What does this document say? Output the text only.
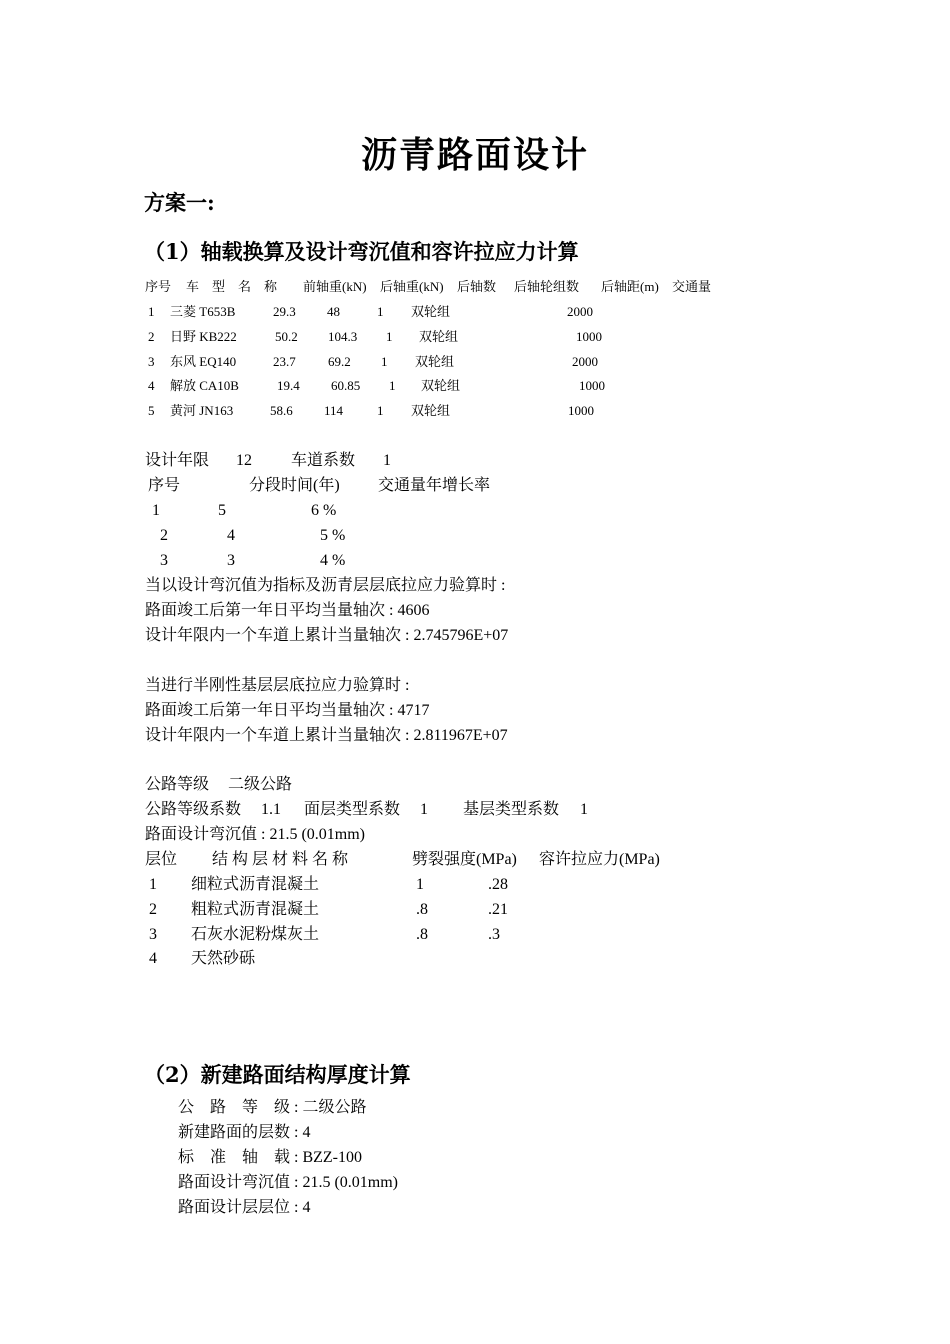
沥青路面设计
方案一:
（1）轴载换算及设计弯沉值和容许拉应力计算
序号 车　型　名　称 前轴重(kN) 后轴重(kN) 后轴数 后轴轮组数 后轴距(m) 交通量
1 三菱 T653B	29.3 48	1 双轮组	2000
2 日野 KB222	50.2 104.3 1 双轮组	1000
3 东风 EQ140	23.7 69.2 1 双轮组	2000
4 解放 CA10B	19.4 60.85 1 双轮组	1000
5 黄河 JN163	58.6 114	1 双轮组	1000
设计年限 12 车道系数 1
序号	分段时间(年) 交通量年增长率
1	5	6 %
2	4	5 %
3	3	4 %
当以设计弯沉值为指标及沥青层层底拉应力验算时 :
路面竣工后第一年日平均当量轴次 : 4606
设计年限内一个车道上累计当量轴次 : 2.745796E+07
当进行半刚性基层层底拉应力验算时 :
路面竣工后第一年日平均当量轴次 : 4717
设计年限内一个车道上累计当量轴次 : 2.811967E+07
公路等级 二级公路
公路等级系数 1.1 面层类型系数 1 基层类型系数 1
路面设计弯沉值 : 21.5 (0.01mm)
层位 结 构 层 材 料 名 称	劈裂强度(MPa) 容许拉应力(MPa)
1 细粒式沥青混凝土	1	.28
2 粗粒式沥青混凝土	.8	.21
3 石灰水泥粉煤灰土	.8	.3
4 天然砂砾
（2）新建路面结构厚度计算
公　路　等　级 : 二级公路
新建路面的层数 : 4
标　准　轴　载 : BZZ-100
路面设计弯沉值 : 21.5 (0.01mm)
路面设计层层位 : 4
